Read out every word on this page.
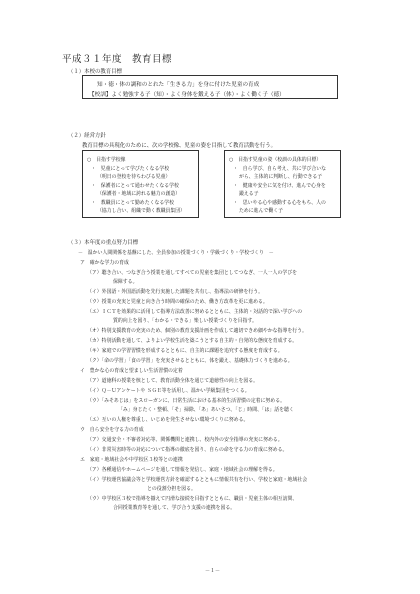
平成３１年度　教育目標
（１）本校の教育目標
知・徳・体の調和のとれた「生きる力」を身に付けた児童の育成
【校訓】よく勉強する子（知）・よく身体を鍛える子（体）・よく働く子（徳）
（２）経営方針
教育目標の具現化のために、次の学校像、児童の姿を目指して教育活動を行う。
○　目指す学校像
・　児童にとって学びたくなる学校
（明日の登校を待ちわびる児童）
・　保護者にとって通わせたくなる学校
（保護者・地域に誇れる魅力の創造）
・　教職員にとって勤めたくなる学校
（協力し合い、組織で動く教職員集団）
○　目指す児童の姿（校訓の具体的目標）
・　自ら学び、自ら考え、共に学び合いな
がら、主体的に判断し、行動できる子
・　健康や安全に気を付け、進んで心身を
鍛える子
・　思いやる心や感動する心をもち、人の
ために進んで働く子
（３）本年度の重点努力目標
－　温かい人間関係を基盤にした、全員参加の授業づくり・学級づくり・学校づくり　－
ア　確かな学力の育成
（ア）聴き合い、つなぎ合う授業を通してすべての児童を集団としてつなぎ、一人一人の学びを
保障する。
（イ）外国語・外国語活動を先行実施した課題を共有し、指導法の研修を行う。
（ウ）授業の充実と児童と向き合う時間の確保のため、働き方改革を更に進める。
（エ）ＩＣＴを効果的に活用して指導方法改善に努めるとともに、主体的・対話的で深い学びへの
質的向上を図り、「わかる・できる」楽しい授業づくりを目指す。
（オ）特別支援教育の充実のため、個別の教育支援計画を作成して適切できめ細やかな指導を行う。
（カ）特別活動を通して、よりよい学校生活を築こうとする自主的・自発的な態度を育成する。
（キ）家庭での学習習慣を形成するとともに、自主的に課題を追究する態度を育成する。
（ク）「命の学習」「食の学習」を充実させるとともに、体を鍛え、基礎体力づくりを進める。
イ　豊かな心の育成と望ましい生活習慣の定着
（ア）道徳科の授業を核として、教育活動全体を通じて道徳性の向上を図る。
（イ）Ｑ－Ｕアンケートや ＳＧＥ等を活用し、温かい学級集団をつくる。
（ウ）「みそあじは」をスローガンに、日常生活における基本的生活習慣の定着に努める。
「み」身じたく・整頓、「そ」掃除、「あ」あいさつ、「じ」時間、「は」話を聴く
（エ）互いの人権を尊重し、いじめを発生させない環境づくりに努める。
ウ　自ら安全を守る力の育成
（ア）交通安全・不審者対応等、関係機関と連携し、校内外の安全指導の充実に努める。
（イ）非常災害時等の対応について指導の徹底を図り、自らの命を守る力の育成に努める。
エ　家庭・地域社会や中学校区３校等との連携
（ア）各種通信やホームページを通して情報を発信し、家庭・地域社会の理解を得る。
（イ）学校運営協議会等と学校運営方針を確認するとともに情報共有を行い、学校と家庭・地域社会
との役割分担を図る。
（ウ）中学校区３校で指導を揃えて円滑な接続を目指すとともに、職員・児童主体の相互訪問、
合同授業教育等を通して、学び合う支援の連携を図る。
－１－
